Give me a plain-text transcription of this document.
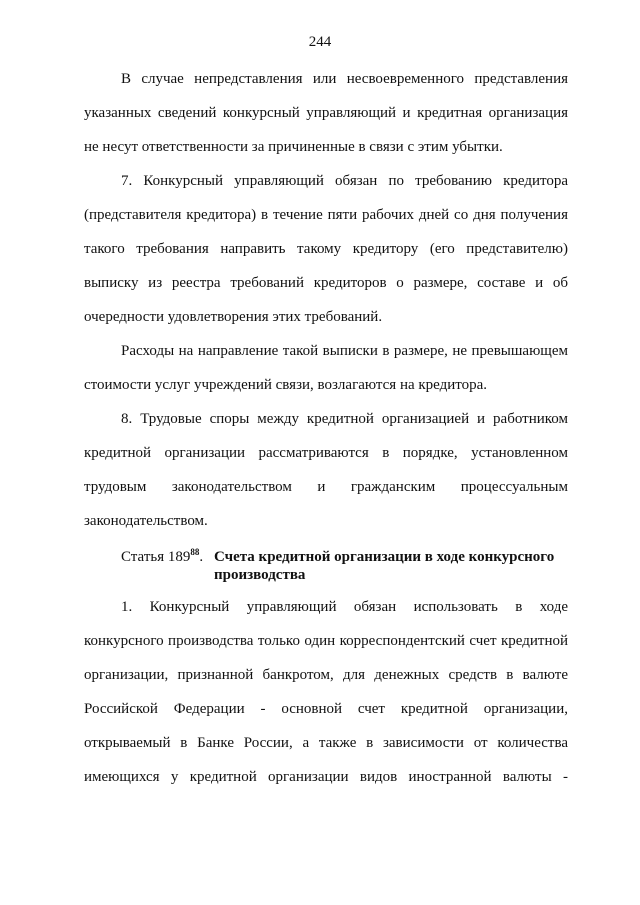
244

В случае непредставления или несвоевременного представления указанных сведений конкурсный управляющий и кредитная организация не несут ответственности за причиненные в связи с этим убытки.

7. Конкурсный управляющий обязан по требованию кредитора (представителя кредитора) в течение пяти рабочих дней со дня получения такого требования направить такому кредитору (его представителю) выписку из реестра требований кредиторов о размере, составе и об очередности удовлетворения этих требований.

Расходы на направление такой выписки в размере, не превышающем стоимости услуг учреждений связи, возлагаются на кредитора.

8. Трудовые споры между кредитной организацией и работником кредитной организации рассматриваются в порядке, установленном трудовым законодательством и гражданским процессуальным законодательством.

Статья $189^{88}$. Счета кредитной организации в ходе конкурсного производства

1. Конкурсный управляющий обязан использовать в ходе конкурсного производства только один корреспондентский счет кредитной организации, признанной банкротом, для денежных средств в валюте Российской Федерации - основной счет кредитной организации, открываемый в Банке России, а также в зависимости от количества имеющихся у кредитной организации видов иностранной валюты -
